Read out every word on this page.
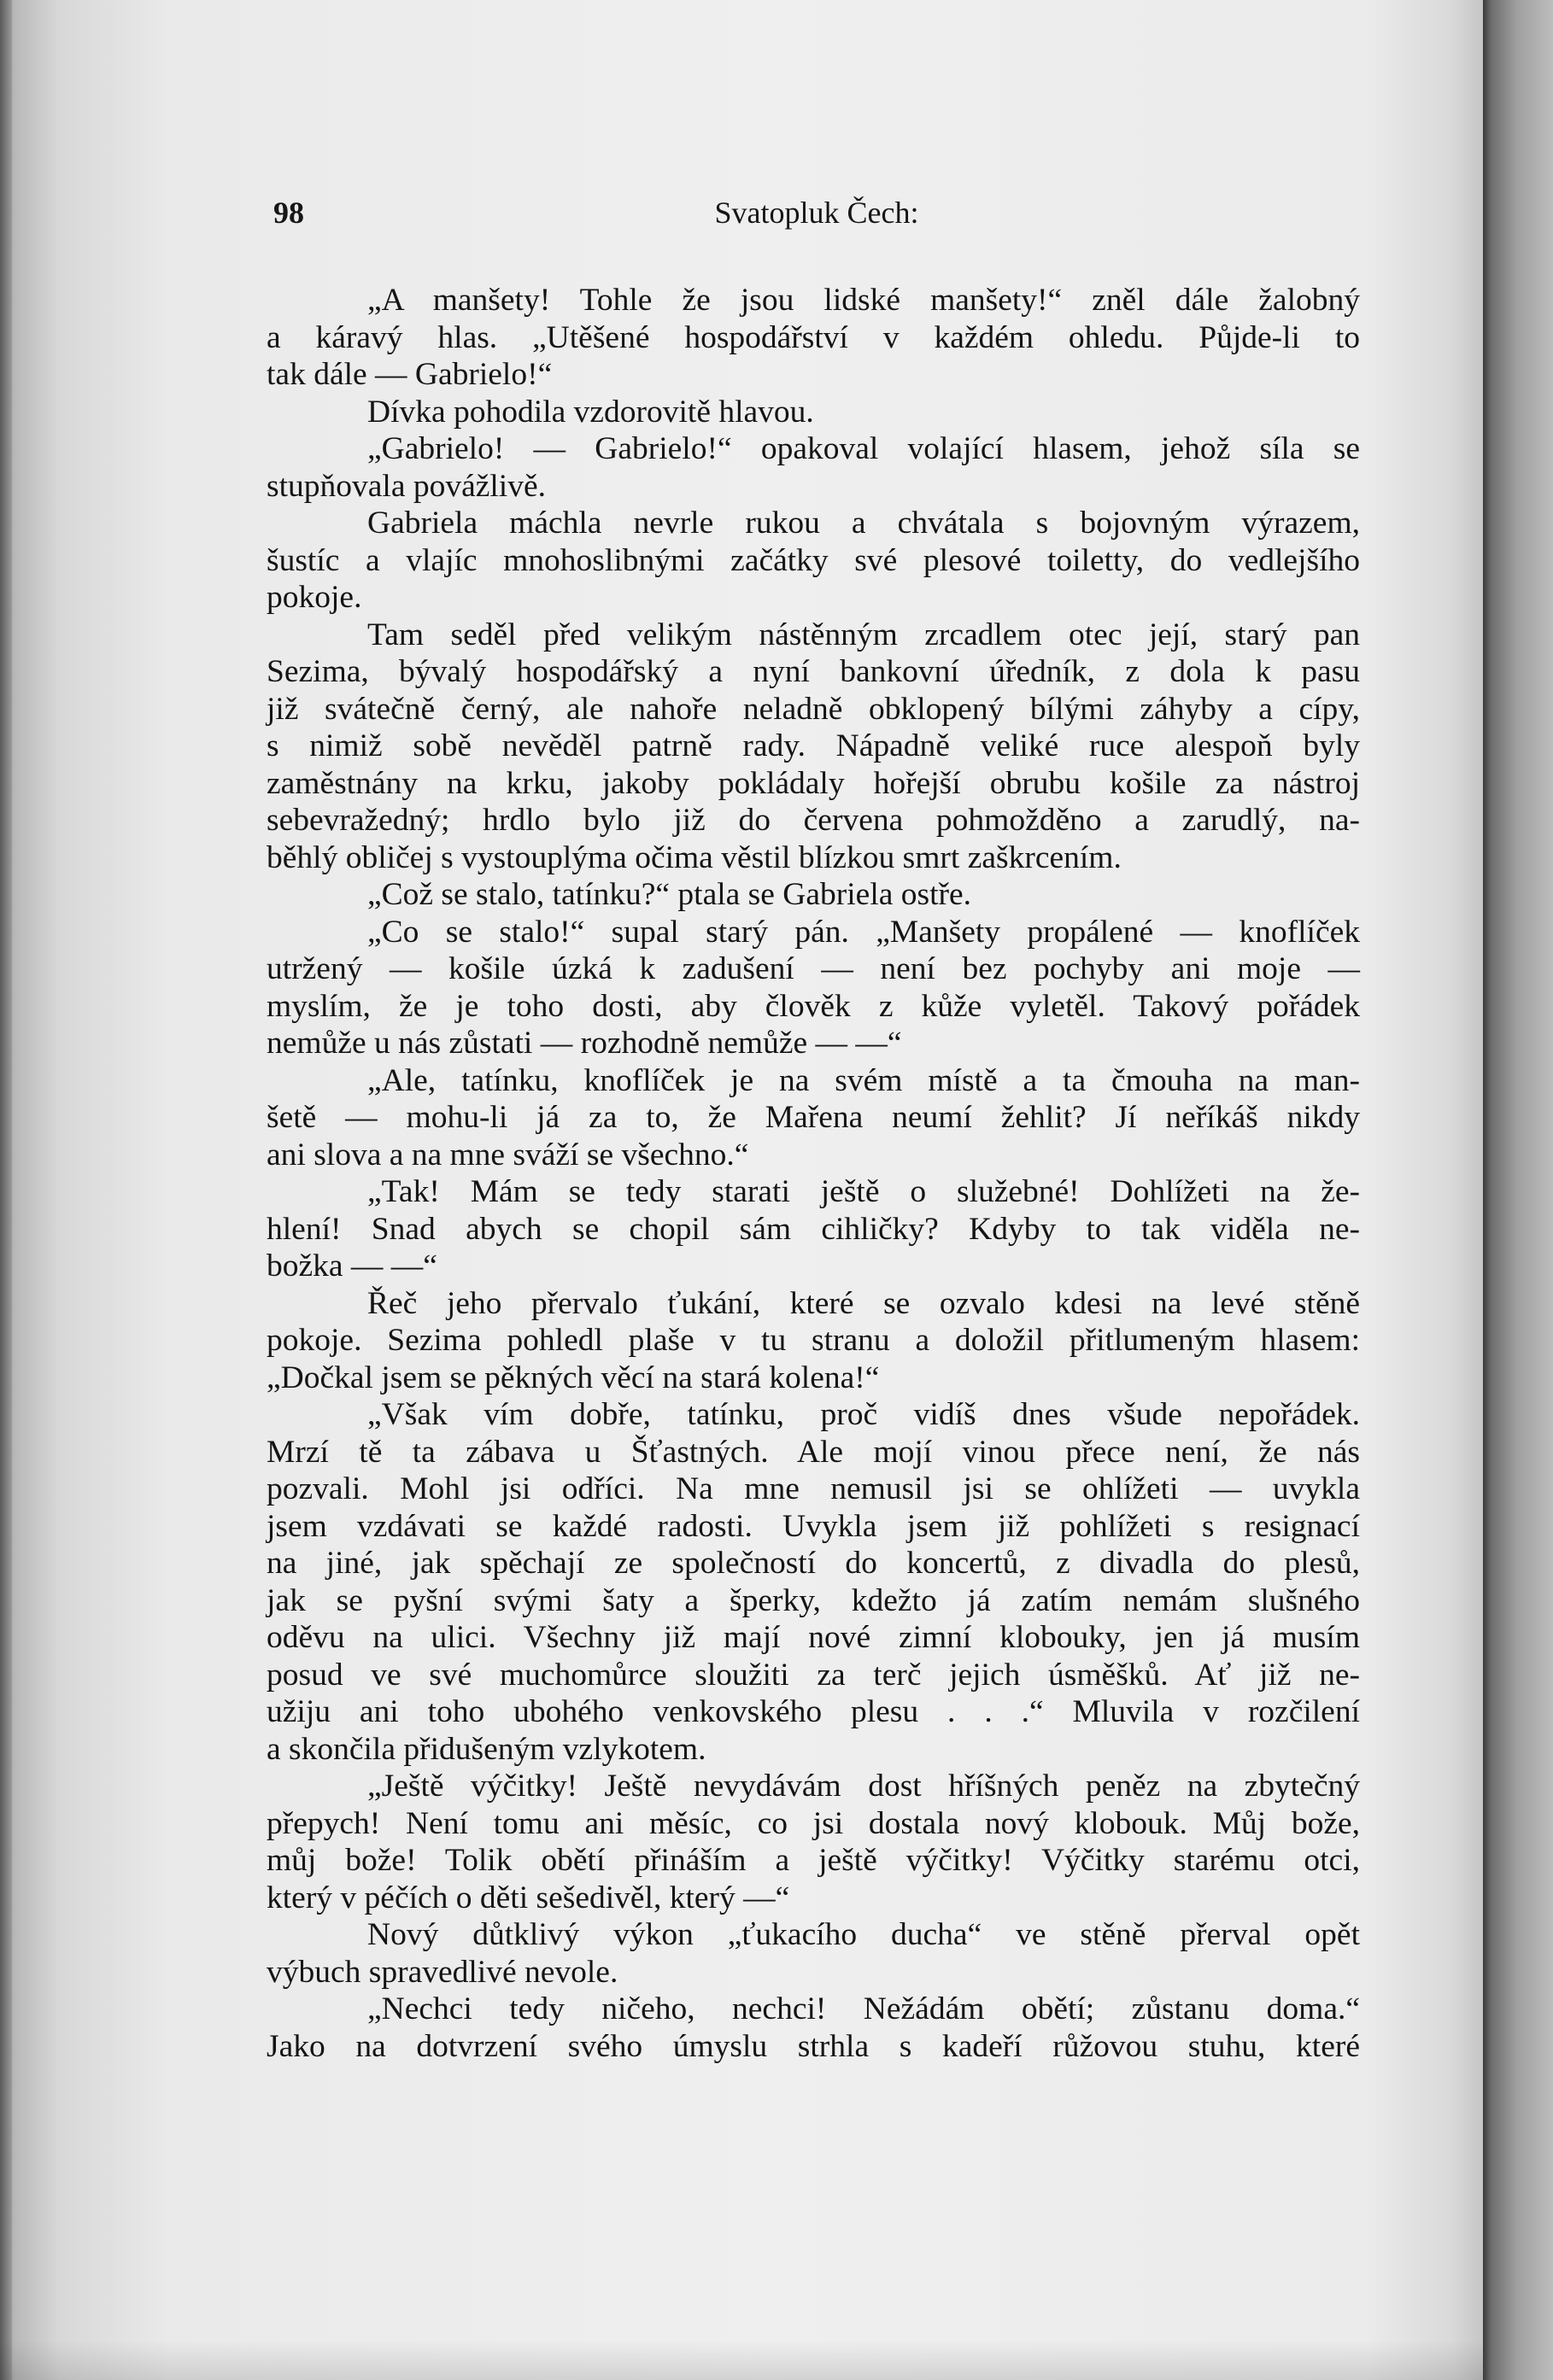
98	Svatopluk Čech:
„A manšety! Tohle že jsou lidské manšety!“ zněl dále žalobný
a káravý hlas. „Utěšené hospodářství v každém ohledu. Půjde-li to
tak dále — Gabrielo!“
Dívka pohodila vzdorovitě hlavou.
„Gabrielo! — Gabrielo!“ opakoval volající hlasem, jehož síla se
stupňovala povážlivě.
Gabriela máchla nevrle rukou a chvátala s bojovným výrazem,
šustíc a vlajíc mnohoslibnými začátky své plesové toiletty, do vedlejšího
pokoje.
Tam seděl před velikým nástěnným zrcadlem otec její, starý pan
Sezima, bývalý hospodářský a nyní bankovní úředník, z dola k pasu
již svátečně černý, ale nahoře neladně obklopený bílými záhyby a cípy,
s nimiž sobě nevěděl patrně rady. Nápadně veliké ruce alespoň byly
zaměstnány na krku, jakoby pokládaly hořejší obrubu košile za nástroj
sebevražedný; hrdlo bylo již do červena pohmožděno a zarudlý, na-
běhlý obličej s vystouplýma očima věstil blízkou smrt zaškrcením.
„Což se stalo, tatínku?“ ptala se Gabriela ostře.
„Co se stalo!“ supal starý pán. „Manšety propálené — knoflíček
utržený — košile úzká k zadušení — není bez pochyby ani moje —
myslím, že je toho dosti, aby člověk z kůže vyletěl. Takový pořádek
nemůže u nás zůstati — rozhodně nemůže — —“
„Ale, tatínku, knoflíček je na svém místě a ta čmouha na man-
šetě — mohu-li já za to, že Mařena neumí žehlit? Jí neříkáš nikdy
ani slova a na mne sváží se všechno.“
„Tak! Mám se tedy starati ještě o služebné! Dohlížeti na že-
hlení! Snad abych se chopil sám cihličky? Kdyby to tak viděla ne-
božka — —“
Řeč jeho přervalo ťukání, které se ozvalo kdesi na levé stěně
pokoje. Sezima pohledl plaše v tu stranu a doložil přitlumeným hlasem:
„Dočkal jsem se pěkných věcí na stará kolena!“
„Však vím dobře, tatínku, proč vidíš dnes všude nepořádek.
Mrzí tě ta zábava u Šťastných. Ale mojí vinou přece není, že nás
pozvali. Mohl jsi odříci. Na mne nemusil jsi se ohlížeti — uvykla
jsem vzdávati se každé radosti. Uvykla jsem již pohlížeti s resignací
na jiné, jak spěchají ze společností do koncertů, z divadla do plesů,
jak se pyšní svými šaty a šperky, kdežto já zatím nemám slušného
oděvu na ulici. Všechny již mají nové zimní klobouky, jen já musím
posud ve své muchomůrce sloužiti za terč jejich úsměšků. Ať již ne-
užiju ani toho ubohého venkovského plesu . . .“ Mluvila v rozčilení
a skončila přidušeným vzlykotem.
„Ještě výčitky! Ještě nevydávám dost hříšných peněz na zbytečný
přepych! Není tomu ani měsíc, co jsi dostala nový klobouk. Můj bože,
můj bože! Tolik obětí přináším a ještě výčitky! Výčitky starému otci,
který v péčích o děti sešedivěl, který —“
Nový důtklivý výkon „ťukacího ducha“ ve stěně přerval opět
výbuch spravedlivé nevole.
„Nechci tedy ničeho, nechci! Nežádám obětí; zůstanu doma.“
Jako na dotvrzení svého úmyslu strhla s kadeří růžovou stuhu, které
